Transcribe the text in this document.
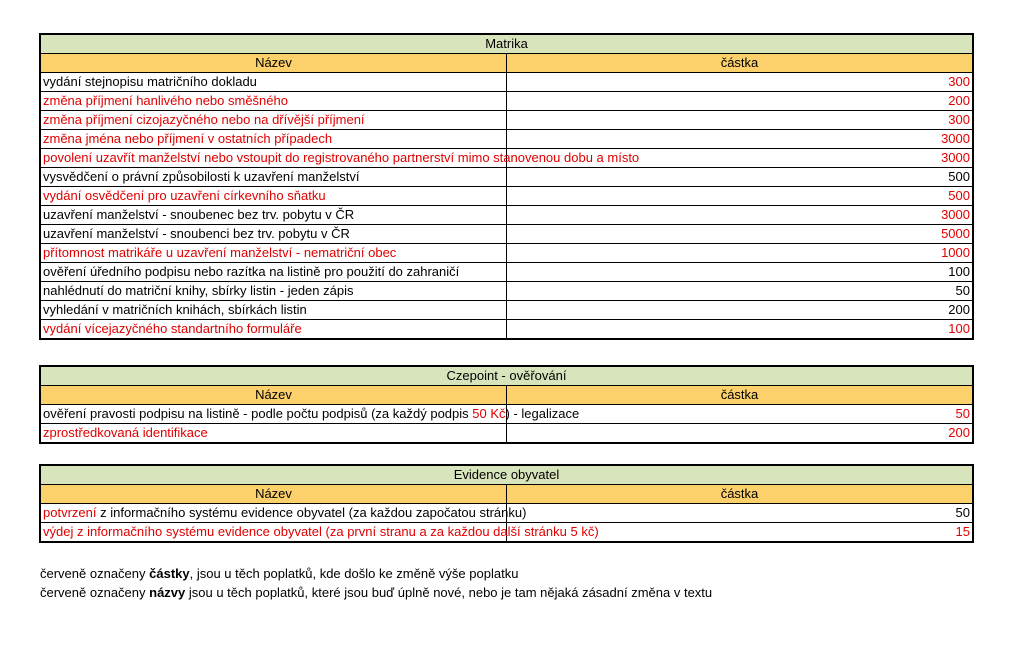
Matrika	
Název	částka
vydání stejnopisu matričního dokladu	300
změna příjmení hanlivého nebo směšného	200
změna příjmení cizojazyčného nebo na dřívější příjmení	300
změna jména nebo příjmení v ostatních případech	3000
povolení uzavřít manželství nebo vstoupit do registrovaného partnerství mimo stanovenou dobu a místo	3000
vysvědčení o právní způsobilosti k uzavření manželství	500
vydání osvědčení pro uzavření církevního sňatku	500
uzavření manželství - snoubenec bez trv. pobytu v ČR	3000
uzavření manželství - snoubenci bez trv. pobytu v ČR	5000
přítomnost matrikáře u uzavření manželství - nematriční obec	1000
ověření úředního podpisu nebo razítka na listině pro použití do zahraničí	100
nahlédnutí do matriční knihy, sbírky listin - jeden zápis	50
vyhledání v matričních knihách, sbírkách listin	200
vydání vícejazyčného standartního formuláře	100
Czepoint - ověřování	
Název	částka
ověření pravosti podpisu na listině - podle počtu podpisů (za každý podpis 50 Kč) - legalizace	50
zprostředkovaná identifikace	200
Evidence obyvatel	
Název	částka
potvrzení z informačního systému evidence obyvatel (za každou započatou stránku)	50
výdej z informačního systému evidence obyvatel (za první stranu a za každou další stránku 5 kč)	15

červeně označeny částky, jsou u těch poplatků, kde došlo ke změně výše poplatku

červeně označeny názvy jsou u těch poplatků, které jsou buď úplně nové, nebo je tam nějaká zásadní změna v textu
